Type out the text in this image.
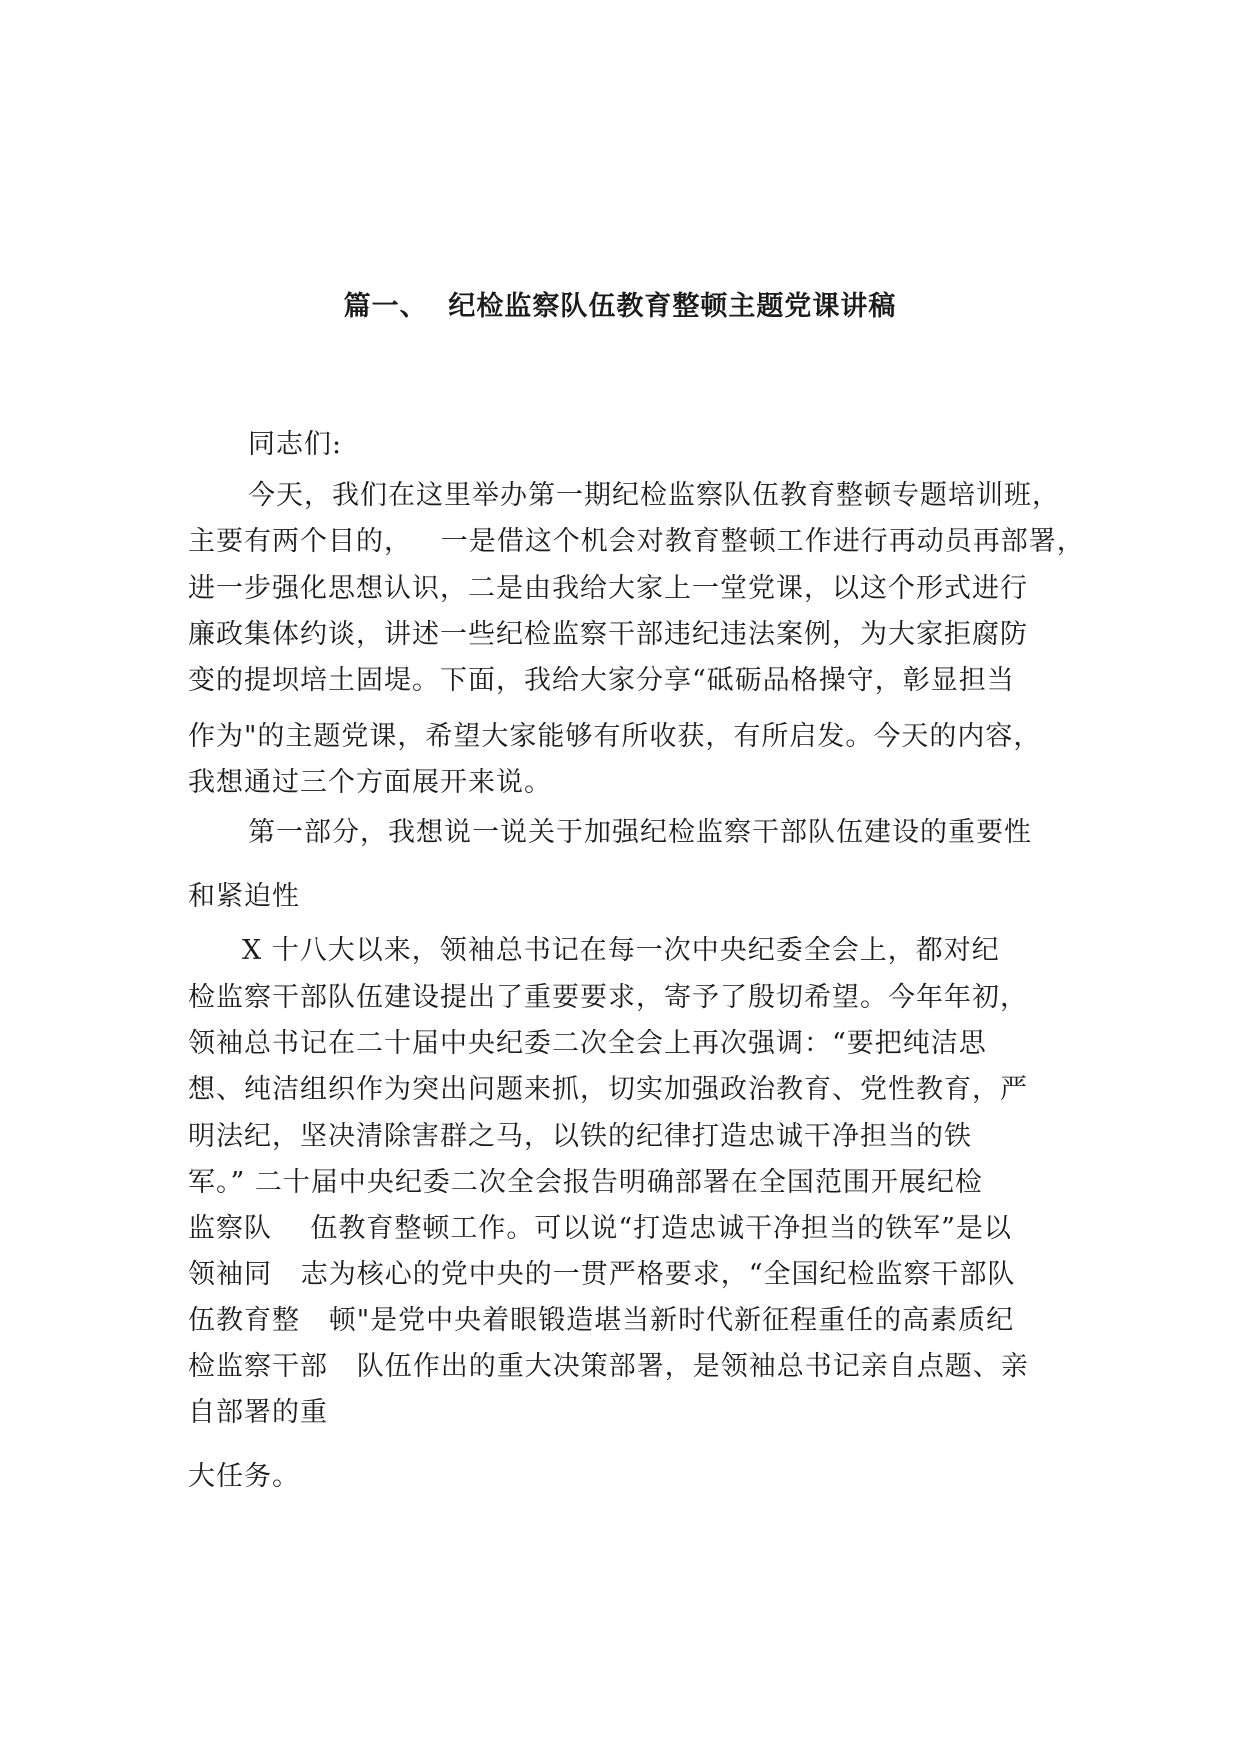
篇一、  纪检监察队伍教育整顿主题党课讲稿
同志们:
今天，我们在这里举办第一期纪检监察队伍教育整顿专题培训班，
主要有两个目的，   一是借这个机会对教育整顿工作进行再动员再部署，
进一步强化思想认识，二是由我给大家上一堂党课，以这个形式进行
廉政集体约谈，讲述一些纪检监察干部违纪违法案例，为大家拒腐防
变的提坝培土固堤。下面，我给大家分享“砥砺品格操守，彰显担当
作为"的主题党课，希望大家能够有所收获，有所启发。今天的内容，
我想通过三个方面展开来说。
第一部分，我想说一说关于加强纪检监察干部队伍建设的重要性
和紧迫性
X 十八大以来，领袖总书记在每一次中央纪委全会上，都对纪
检监察干部队伍建设提出了重要要求，寄予了殷切希望。今年年初，
领袖总书记在二十届中央纪委二次全会上再次强调：“要把纯洁思
想、纯洁组织作为突出问题来抓，切实加强政治教育、党性教育，严
明法纪，坚决清除害群之马，以铁的纪律打造忠诚干净担当的铁
军。” 二十届中央纪委二次全会报告明确部署在全国范围开展纪检
监察队    伍教育整顿工作。可以说“打造忠诚干净担当的铁军”是以
领袖同   志为核心的党中央的一贯严格要求，“全国纪检监察干部队
伍教育整   顿"是党中央着眼锻造堪当新时代新征程重任的高素质纪
检监察干部   队伍作出的重大决策部署，是领袖总书记亲自点题、亲
自部署的重
大任务。
